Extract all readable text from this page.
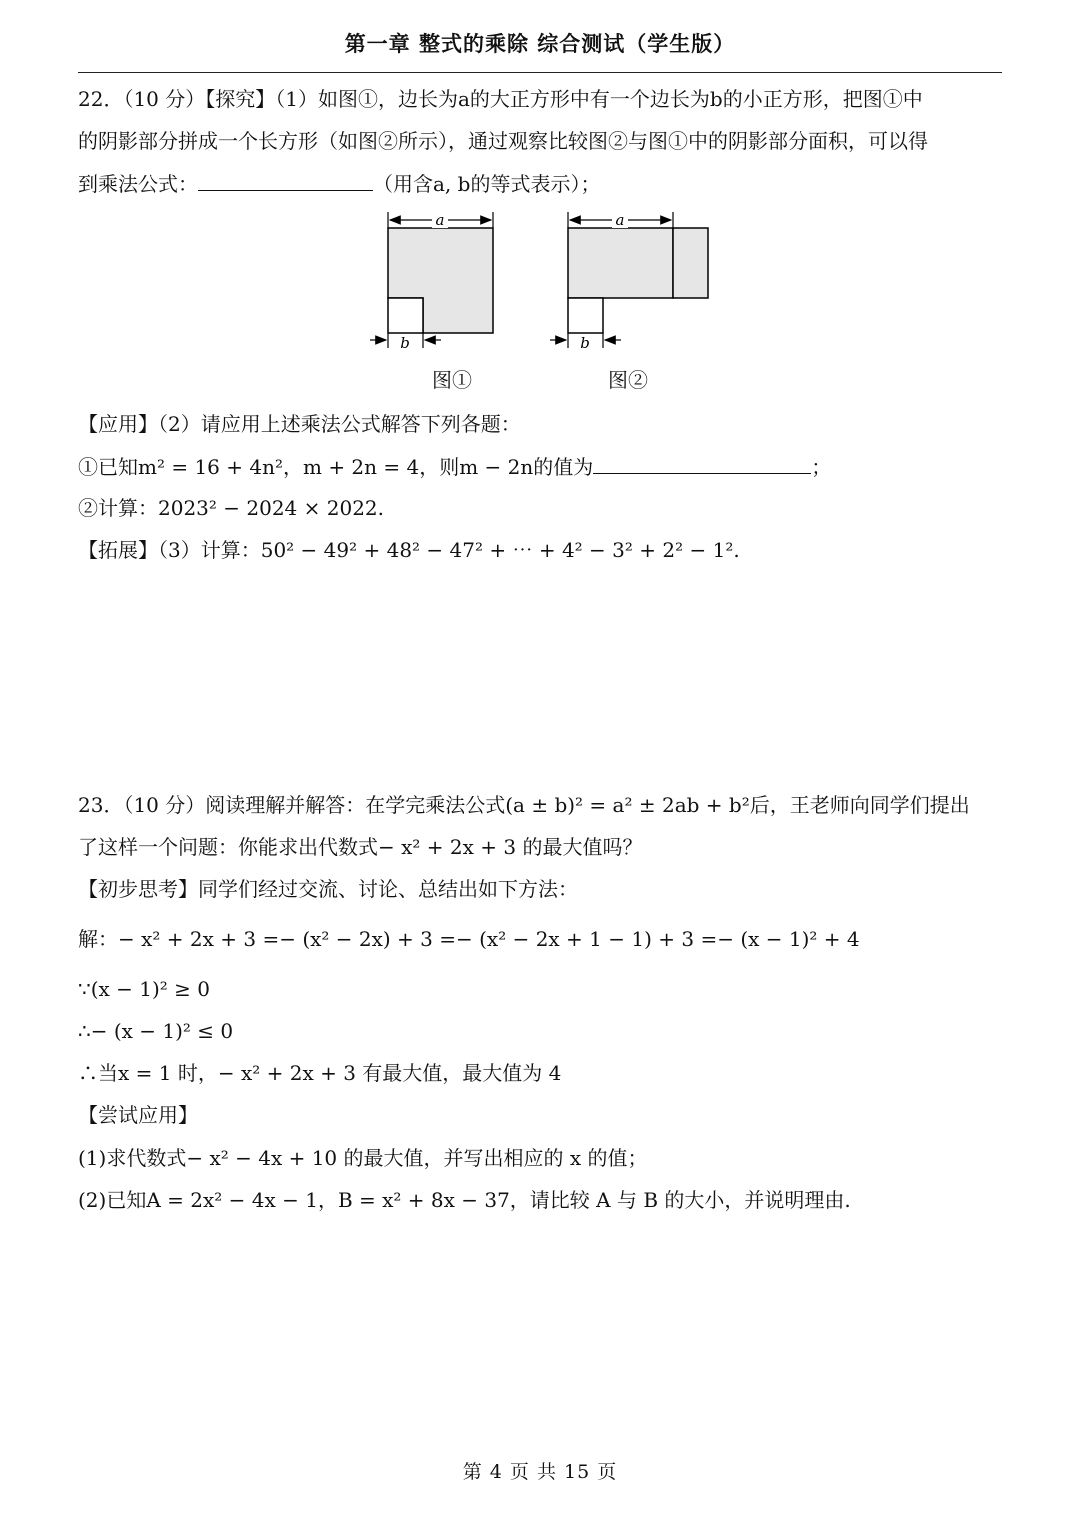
第一章 整式的乘除 综合测试（学生版）
22．（10 分）【探究】（1）如图①，边长为a的大正方形中有一个边长为b的小正方形，把图①中
的阴影部分拼成一个长方形（如图②所示），通过观察比较图②与图①中的阴影部分面积，可以得
到乘法公式：	（用含a, b的等式表示）；
a
b
a
b
图①	图②
【应用】（2）请应用上述乘法公式解答下列各题：
①已知m² = 16 + 4n²，m + 2n = 4，则m − 2n的值为	；
②计算：2023² − 2024 × 2022.
【拓展】（3）计算：50² − 49² + 48² − 47² + ⋯ + 4² − 3² + 2² − 1².
23．（10 分）阅读理解并解答：在学完乘法公式(a ± b)² = a² ± 2ab + b²后，王老师向同学们提出
了这样一个问题：你能求出代数式− x² + 2x + 3 的最大值吗？
【初步思考】同学们经过交流、讨论、总结出如下方法：
解：− x² + 2x + 3 =− (x² − 2x) + 3 =− (x² − 2x + 1 − 1) + 3 =− (x − 1)² + 4
∵(x − 1)² ≥ 0
∴− (x − 1)² ≤ 0
∴当x = 1 时，− x² + 2x + 3 有最大值，最大值为 4
【尝试应用】
(1)求代数式− x² − 4x + 10 的最大值，并写出相应的 x 的值；
(2)已知A = 2x² − 4x − 1，B = x² + 8x − 37，请比较 A 与 B 的大小，并说明理由.
第 4 页 共 15 页
